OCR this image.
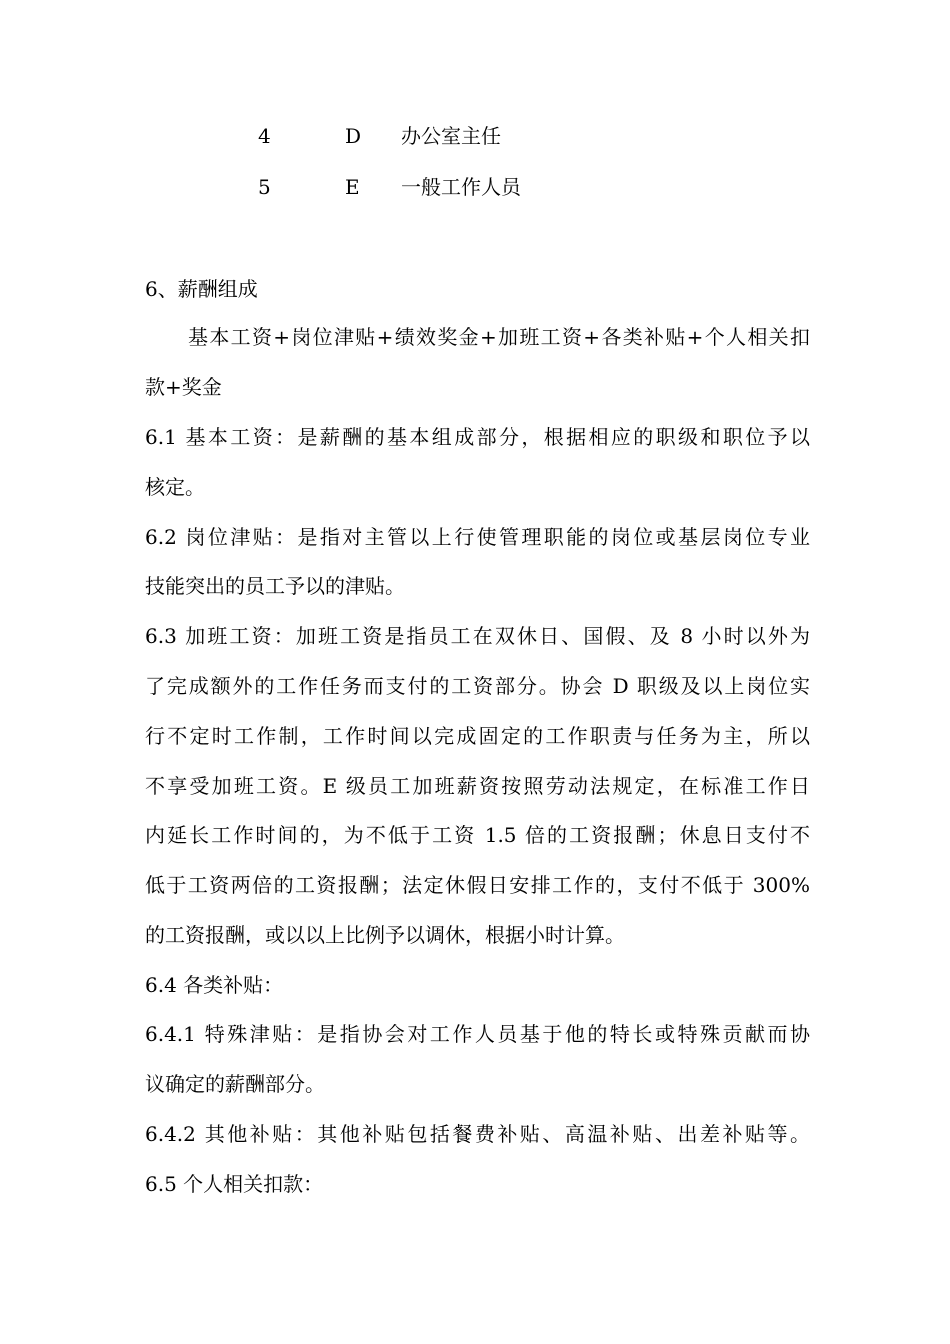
4	D 办公室主任
5	E 一般工作人员
6、薪酬组成
基本工资+岗位津贴+绩效奖金+加班工资+各类补贴+个人相关扣
款+奖金
6.1 基本工资：是薪酬的基本组成部分，根据相应的职级和职位予以
核定。
6.2 岗位津贴：是指对主管以上行使管理职能的岗位或基层岗位专业
技能突出的员工予以的津贴。
6.3 加班工资：加班工资是指员工在双休日、国假、及 8 小时以外为
了完成额外的工作任务而支付的工资部分。协会 D 职级及以上岗位实
行不定时工作制，工作时间以完成固定的工作职责与任务为主，所以
不享受加班工资。E 级员工加班薪资按照劳动法规定，在标准工作日
内延长工作时间的，为不低于工资 1.5 倍的工资报酬；休息日支付不
低于工资两倍的工资报酬；法定休假日安排工作的，支付不低于 300%
的工资报酬，或以以上比例予以调休，根据小时计算。
6.4 各类补贴：
6.4.1 特殊津贴：是指协会对工作人员基于他的特长或特殊贡献而协
议确定的薪酬部分。
6.4.2 其他补贴：其他补贴包括餐费补贴、高温补贴、出差补贴等。
6.5 个人相关扣款：
